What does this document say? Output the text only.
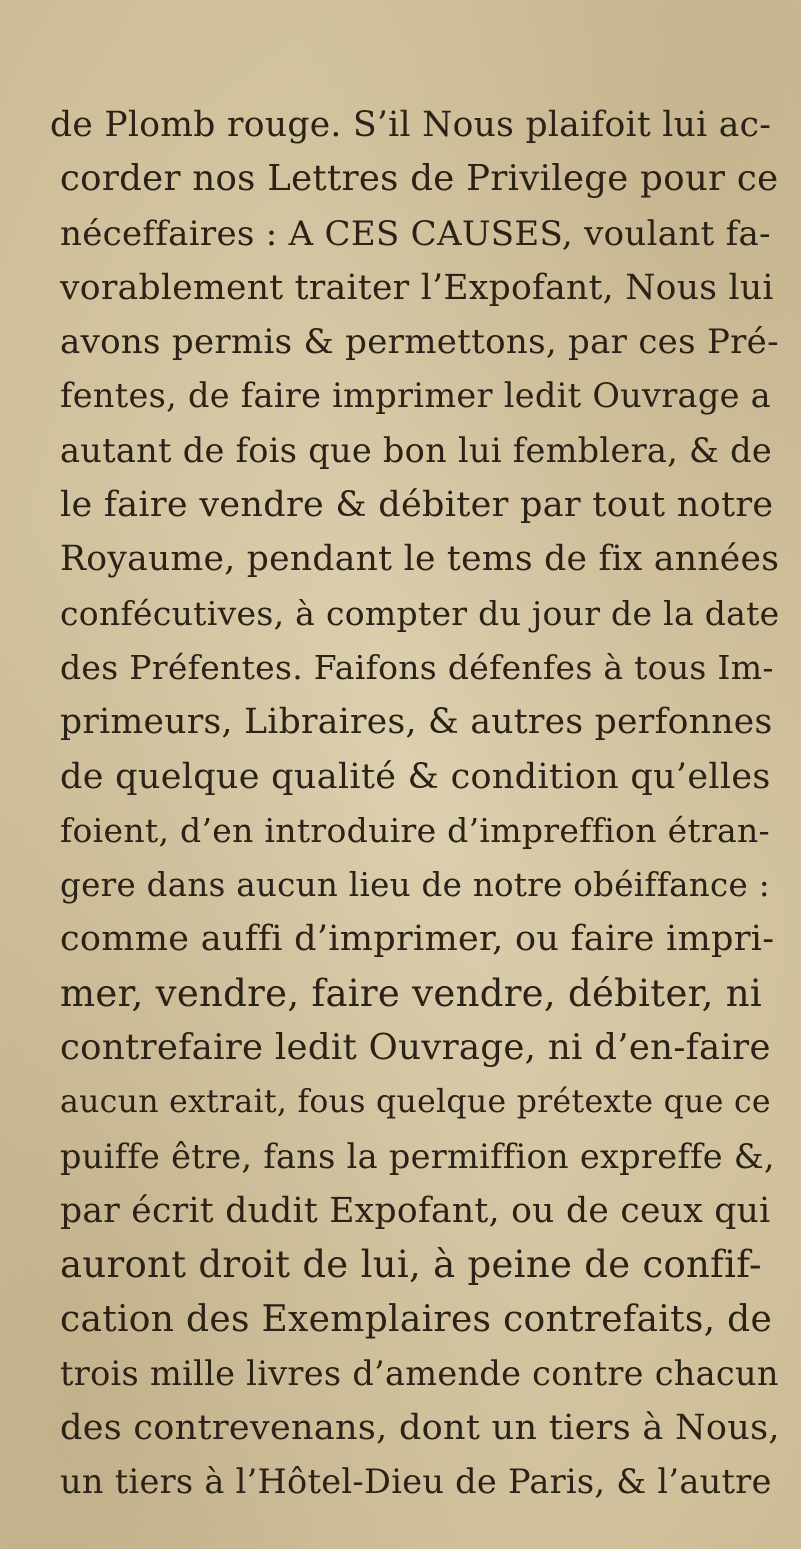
de Plomb rouge. S’il Nous plaifoit lui ac-
corder nos Lettres de Privilege pour ce
néceffaires : A CES CAUSES, voulant fa-
vorablement traiter l’Expofant, Nous lui
avons permis & permettons, par ces Pré-
fentes, de faire imprimer ledit Ouvrage a
autant de fois que bon lui femblera, & de
le faire vendre & débiter par tout notre
Royaume, pendant le tems de fix années
confécutives, à compter du jour de la date
des Préfentes. Faifons défenfes à tous Im-
primeurs, Libraires, & autres perfonnes
de quelque qualité & condition qu’elles
foient, d’en introduire d’impreffion étran-
gere dans aucun lieu de notre obéiffance :
comme auffi d’imprimer, ou faire impri-
mer, vendre, faire vendre, débiter, ni
contrefaire ledit Ouvrage, ni d’en-faire
aucun extrait, fous quelque prétexte que ce
puiffe être, fans la permiffion expreffe &,
par écrit dudit Expofant, ou de ceux qui
auront droit de lui, à peine de confif-
cation des Exemplaires contrefaits, de
trois mille livres d’amende contre chacun
des contrevenans, dont un tiers à Nous,
un tiers à l’Hôtel-Dieu de Paris, & l’autre
